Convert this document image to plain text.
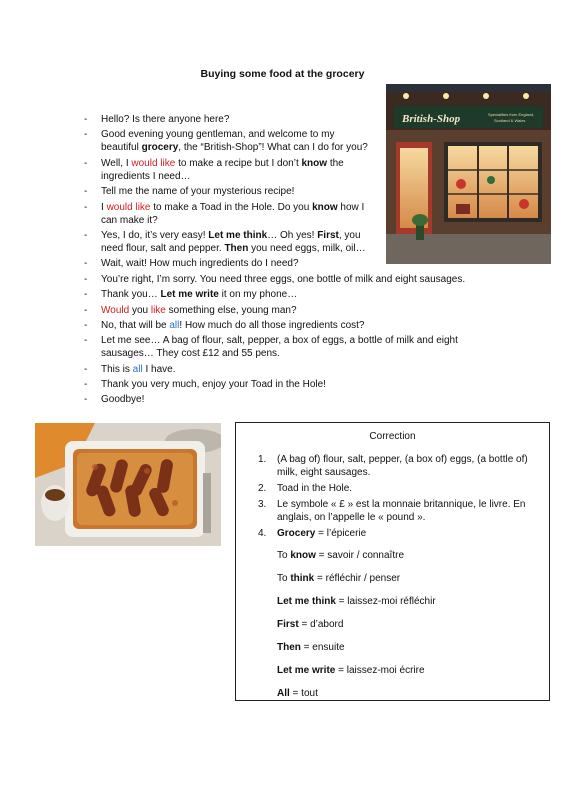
Buying some food at the grocery
- Hello? Is there anyone here?
- Good evening young gentleman, and welcome to my beautiful grocery, the “British-Shop”! What can I do for you?
- Well, I would like to make a recipe but I don’t know the ingredients I need…
- Tell me the name of your mysterious recipe!
- I would like to make a Toad in the Hole. Do you know how I can make it?
- Yes, I do, it’s very easy! Let me think… Oh yes! First, you need flour, salt and pepper. Then you need eggs, milk, oil…
- Wait, wait! How much ingredients do I need?
- You’re right, I’m sorry. You need three eggs, one bottle of milk and eight sausages.
- Thank you… Let me write it on my phone…
- Would you like something else, young man?
- No, that will be all! How much do all those ingredients cost?
- Let me see… A bag of flour, salt, pepper, a box of eggs, a bottle of milk and eight sausages… They cost £12 and 55 pens.
- This is all I have.
- Thank you very much, enjoy your Toad in the Hole!
- Goodbye!
British-Shop	Specialities from England,
Scotland & Wales
Correction
1. (A bag of) flour, salt, pepper, (a box of) eggs, (a bottle of) milk, eight sausages.
2. Toad in the Hole.
3. Le symbole « £ » est la monnaie britannique, le livre. En anglais, on l’appelle le « pound ».
4. Grocery = l’épicerie
To know = savoir / connaître
To think = réfléchir / penser
Let me think = laissez-moi réfléchir
First = d’abord
Then = ensuite
Let me write = laissez-moi écrire
All = tout
